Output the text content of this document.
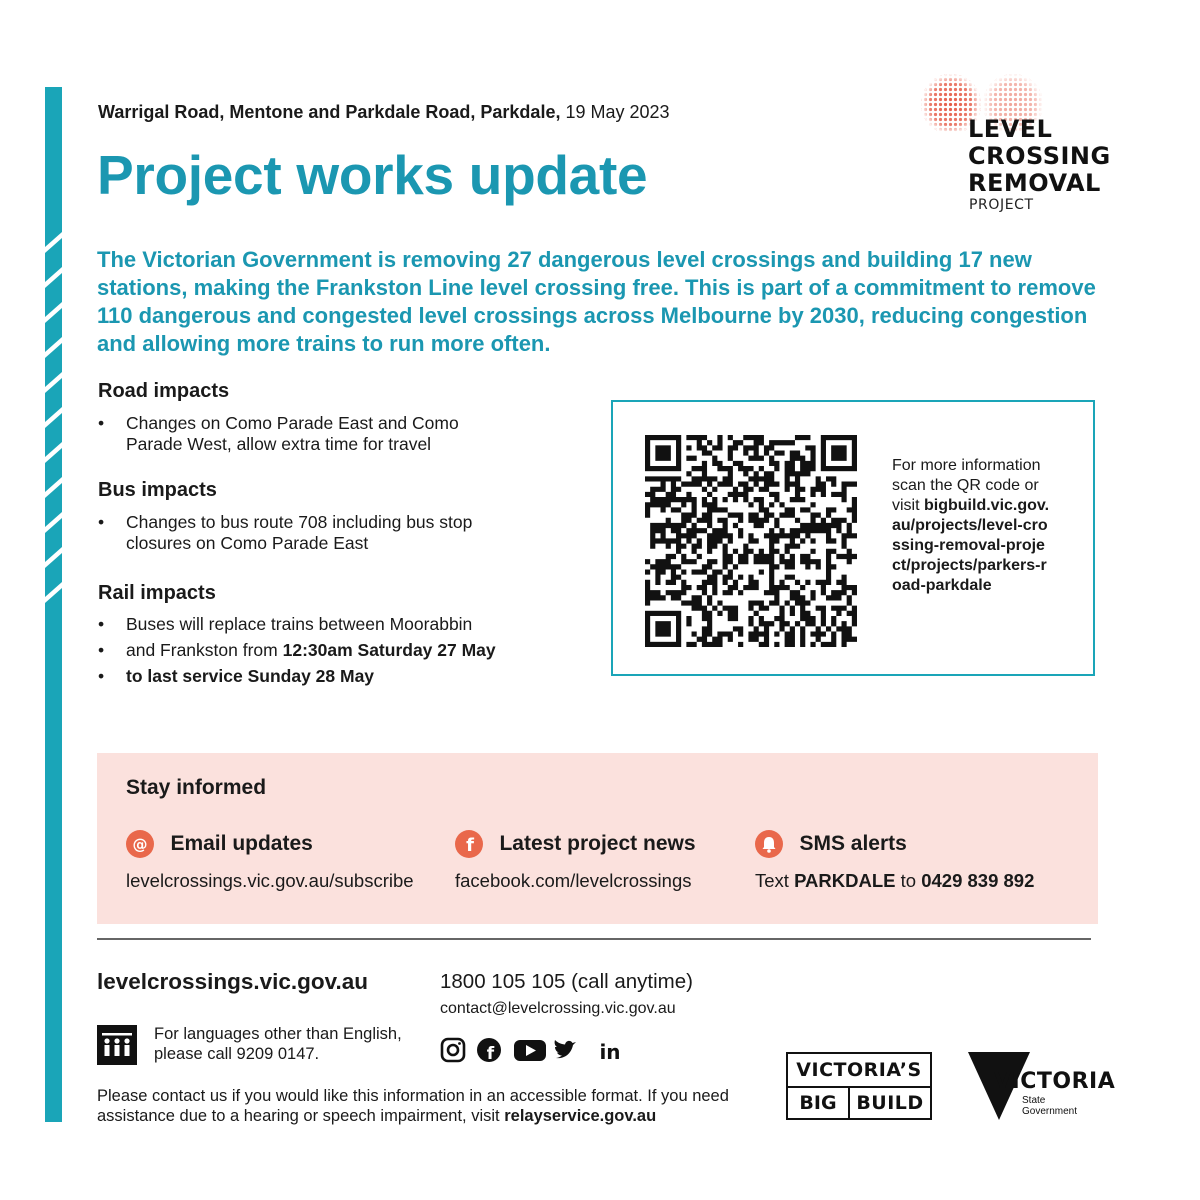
Warrigal Road, Mentone and Parkdale Road, Parkdale, 19 May 2023
Project works update
LEVEL
CROSSING
REMOVAL
PROJECT
The Victorian Government is removing 27 dangerous level crossings and building 17 new stations, making the Frankston Line level crossing free. This is part of a commitment to remove 110 dangerous and congested level crossings across Melbourne by 2030, reducing congestion and allowing more trains to run more often.
Road impacts
• Changes on Como Parade East and Como Parade West, allow extra time for travel
Bus impacts
• Changes to bus route 708 including bus stop closures on Como Parade East
Rail impacts
• Buses will replace trains between Moorabbin
• and Frankston from 12:30am Saturday 27 May
• to last service Sunday 28 May
For more information scan the QR code or visit bigbuild.vic.gov.au/projects/level-crossing-removal-project/projects/parkers-road-parkdale
Stay informed
@ Email updates
levelcrossings.vic.gov.au/subscribe
f Latest project news
facebook.com/levelcrossings
SMS alerts
Text PARKDALE to 0429 839 892
levelcrossings.vic.gov.au	1800 105 105 (call anytime)
contact@levelcrossing.vic.gov.au
For languages other than English, please call 9209 0147.	f	in
Please contact us if you would like this information in an accessible format. If you need assistance due to a hearing or speech impairment, visit relayservice.gov.au
VICTORIA’S
BIG	BUILD
VICTORIA
State
Government
